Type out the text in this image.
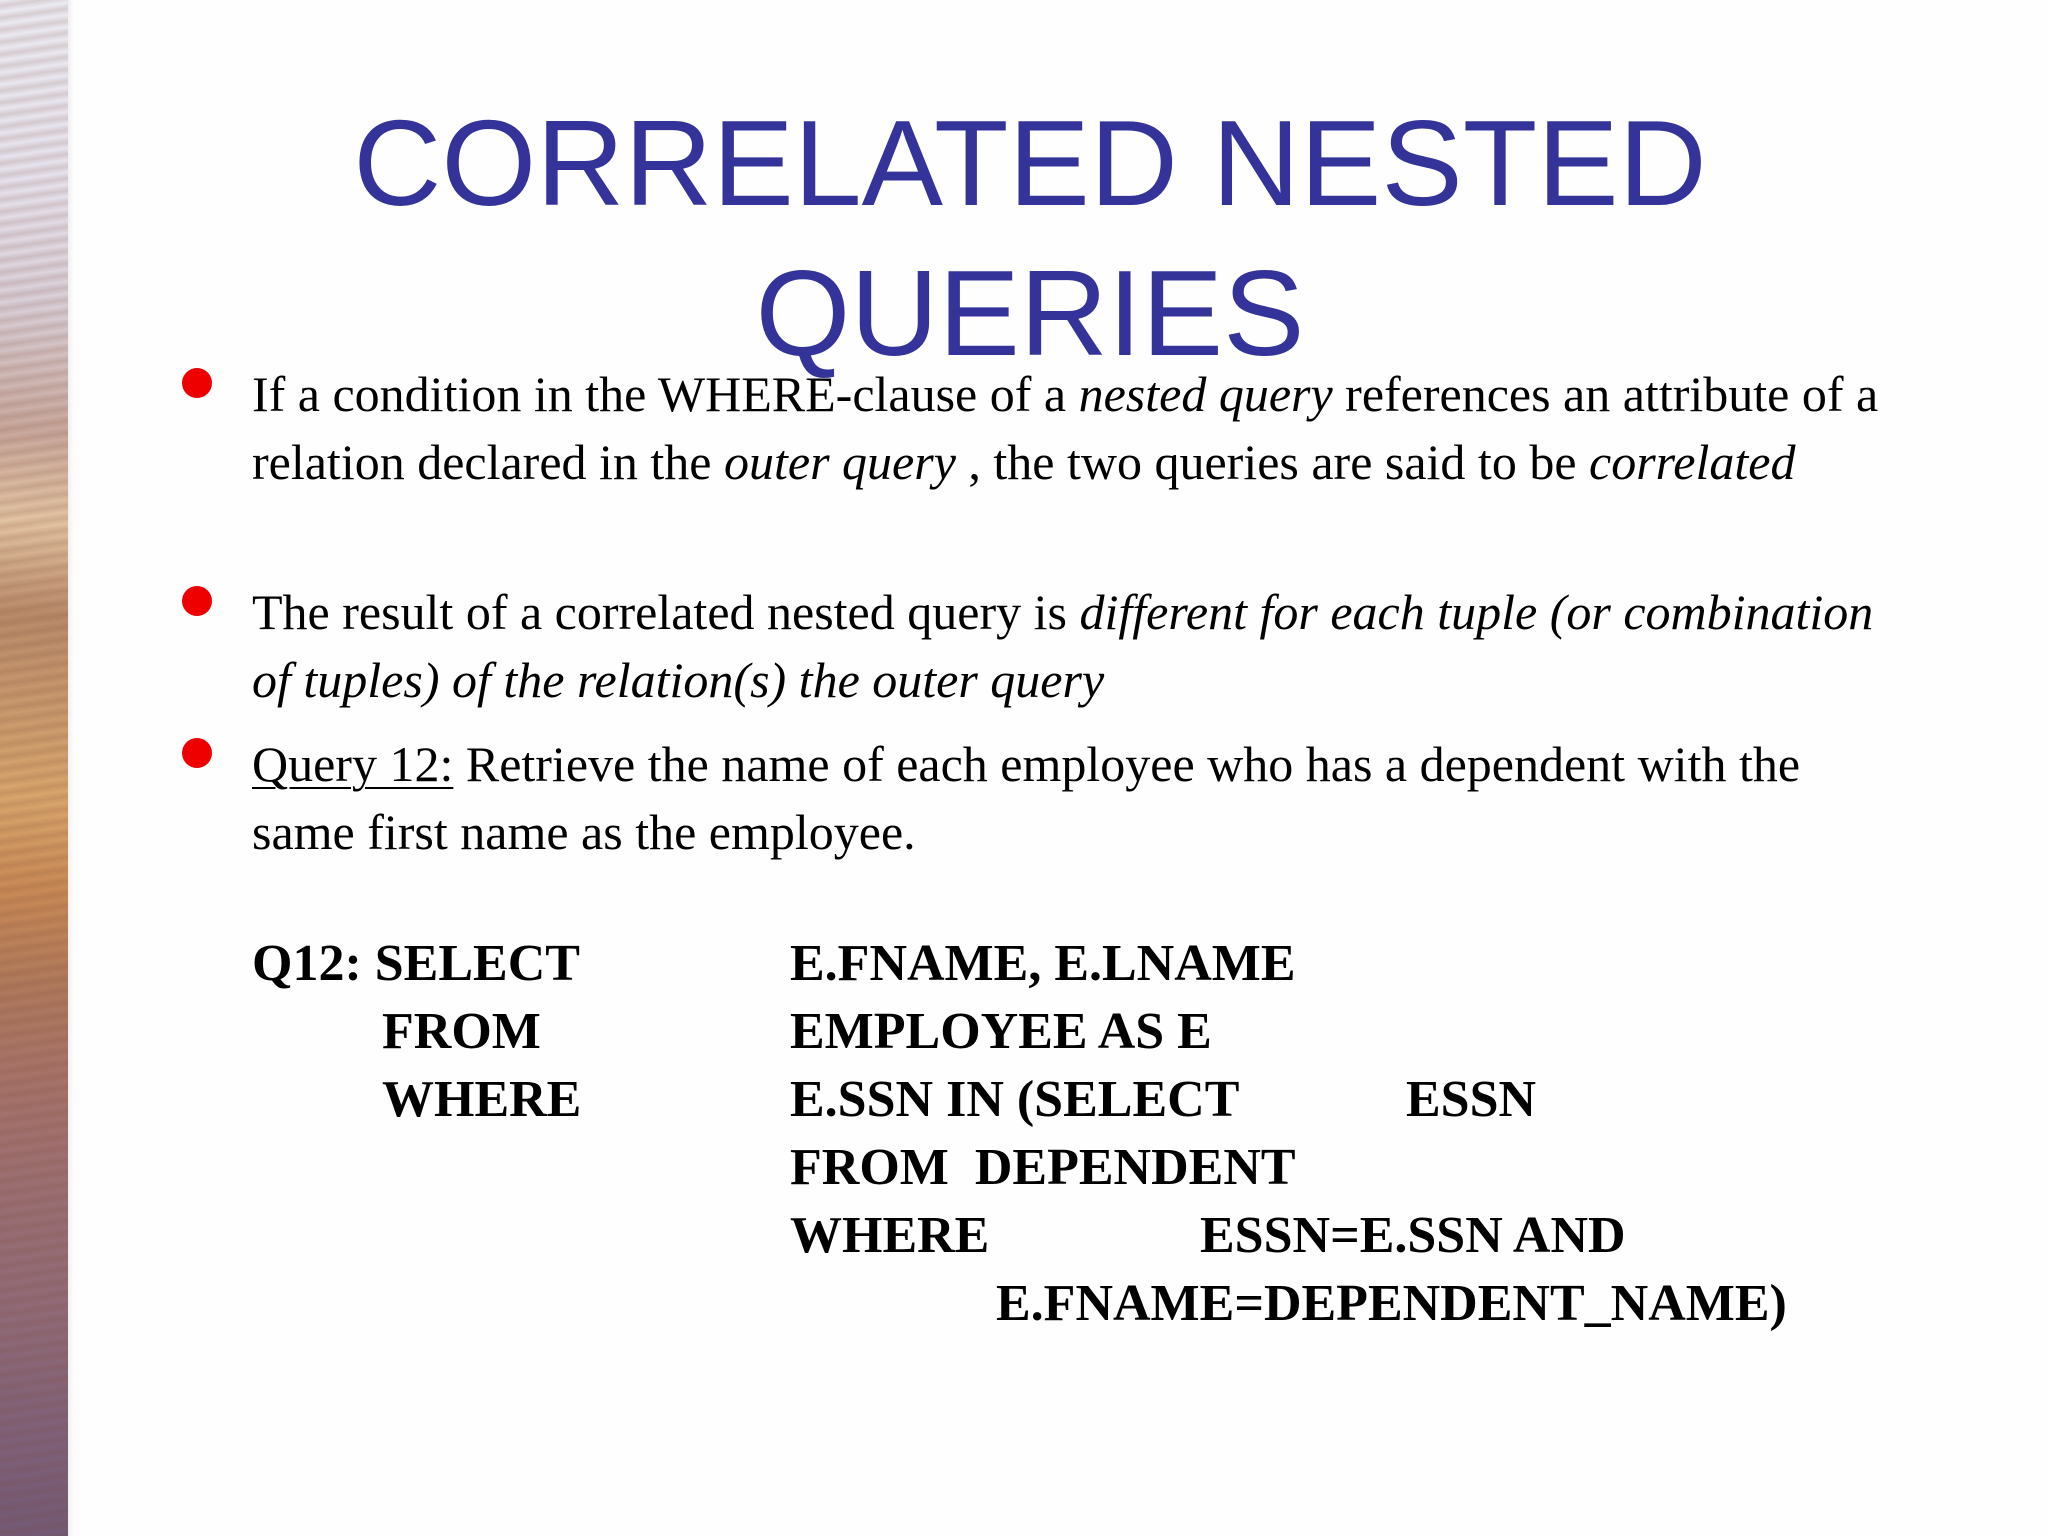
CORRELATED NESTED
QUERIES
If a condition in the WHERE-clause of a nested query references an attribute of a relation declared in the outer query , the two queries are said to be correlated
The result of a correlated nested query is different for each tuple (or combination of tuples) of the relation(s) the outer query
Query 12: Retrieve the name of each employee who has a dependent with the same first name as the employee.
Q12: SELECT
FROM
WHERE
E.FNAME, E.LNAME
EMPLOYEE AS E
E.SSN IN (SELECT	ESSN
FROM  DEPENDENT
WHERE	ESSN=E.SSN AND
E.FNAME=DEPENDENT_NAME)
